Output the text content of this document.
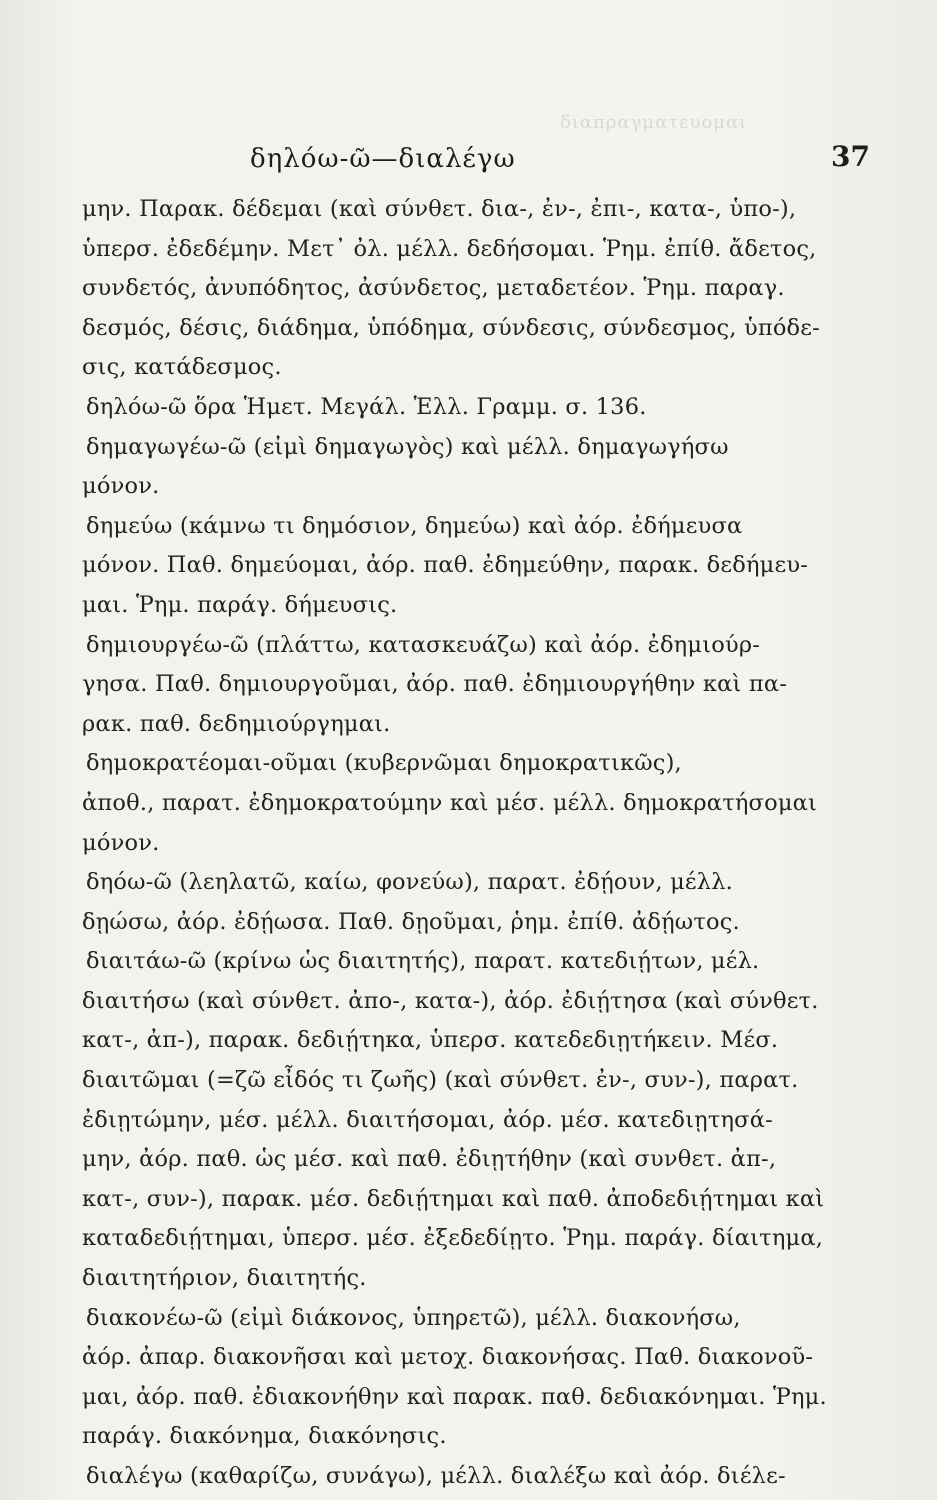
διαπραγματευομαι
δηλόω-ῶ—διαλέγω	37
μην. Παρακ. δέδεμαι (καὶ σύνθετ. δια-, ἐν-, ἐπι-, κατα-, ὑπο-),
ὑπερσ. ἐδεδέμην. Μετ᾽ ὀλ. μέλλ. δεδήσομαι. Ῥημ. ἐπίθ. ἄδετος,
συνδετός, ἀνυπόδητος, ἀσύνδετος, μεταδετέον. Ῥημ. παραγ.
δεσμός, δέσις, διάδημα, ὑπόδημα, σύνδεσις, σύνδεσμος, ὑπόδε-
σις, κατάδεσμος.
δηλόω-ῶ ὅρα Ἡμετ. Μεγάλ. Ἑλλ. Γραμμ. σ. 136.
δημαγωγέω-ῶ (εἰμὶ δημαγωγὸς) καὶ μέλλ. δημαγωγήσω
μόνον.
δημεύω (κάμνω τι δημόσιον, δημεύω) καὶ ἀόρ. ἐδήμευσα
μόνον. Παθ. δημεύομαι, ἀόρ. παθ. ἐδημεύθην, παρακ. δεδήμευ-
μαι. Ῥημ. παράγ. δήμευσις.
δημιουργέω-ῶ (πλάττω, κατασκευάζω) καὶ ἀόρ. ἐδημιούρ-
γησα. Παθ. δημιουργοῦμαι, ἀόρ. παθ. ἐδημιουργήθην καὶ πα-
ρακ. παθ. δεδημιούργημαι.
δημοκρατέομαι-οῦμαι (κυβερνῶμαι δημοκρατικῶς),
ἀποθ., παρατ. ἐδημοκρατούμην καὶ μέσ. μέλλ. δημοκρατήσομαι
μόνον.
δηόω-ῶ (λεηλατῶ, καίω, φονεύω), παρατ. ἐδῄουν, μέλλ.
δῃώσω, ἀόρ. ἐδῄωσα. Παθ. δῃοῦμαι, ῥημ. ἐπίθ. ἀδῄωτος.
διαιτάω-ῶ (κρίνω ὡς διαιτητής), παρατ. κατεδιῄτων, μέλ.
διαιτήσω (καὶ σύνθετ. ἀπο-, κατα-), ἀόρ. ἐδιῄτησα (καὶ σύνθετ.
κατ-, ἀπ-), παρακ. δεδιῄτηκα, ὑπερσ. κατεδεδιῃτήκειν. Μέσ.
διαιτῶμαι (=ζῶ εἶδός τι ζωῆς) (καὶ σύνθετ. ἐν-, συν-), παρατ.
ἐδιῃτώμην, μέσ. μέλλ. διαιτήσομαι, ἀόρ. μέσ. κατεδιῃτησά-
μην, ἀόρ. παθ. ὡς μέσ. καὶ παθ. ἐδιῃτήθην (καὶ συνθετ. ἀπ-,
κατ-, συν-), παρακ. μέσ. δεδιῄτημαι καὶ παθ. ἀποδεδιῄτημαι καὶ
καταδεδιῄτημαι, ὑπερσ. μέσ. ἐξεδεδίῃτο. Ῥημ. παράγ. δίαιτημα,
διαιτητήριον, διαιτητής.
διακονέω-ῶ (εἰμὶ διάκονος, ὑπηρετῶ), μέλλ. διακονήσω,
ἀόρ. ἀπαρ. διακονῆσαι καὶ μετοχ. διακονήσας. Παθ. διακονοῦ-
μαι, ἀόρ. παθ. ἐδιακονήθην καὶ παρακ. παθ. δεδιακόνημαι. Ῥημ.
παράγ. διακόνημα, διακόνησις.
διαλέγω (καθαρίζω, συνάγω), μέλλ. διαλέξω καὶ ἀόρ. διέλε-
